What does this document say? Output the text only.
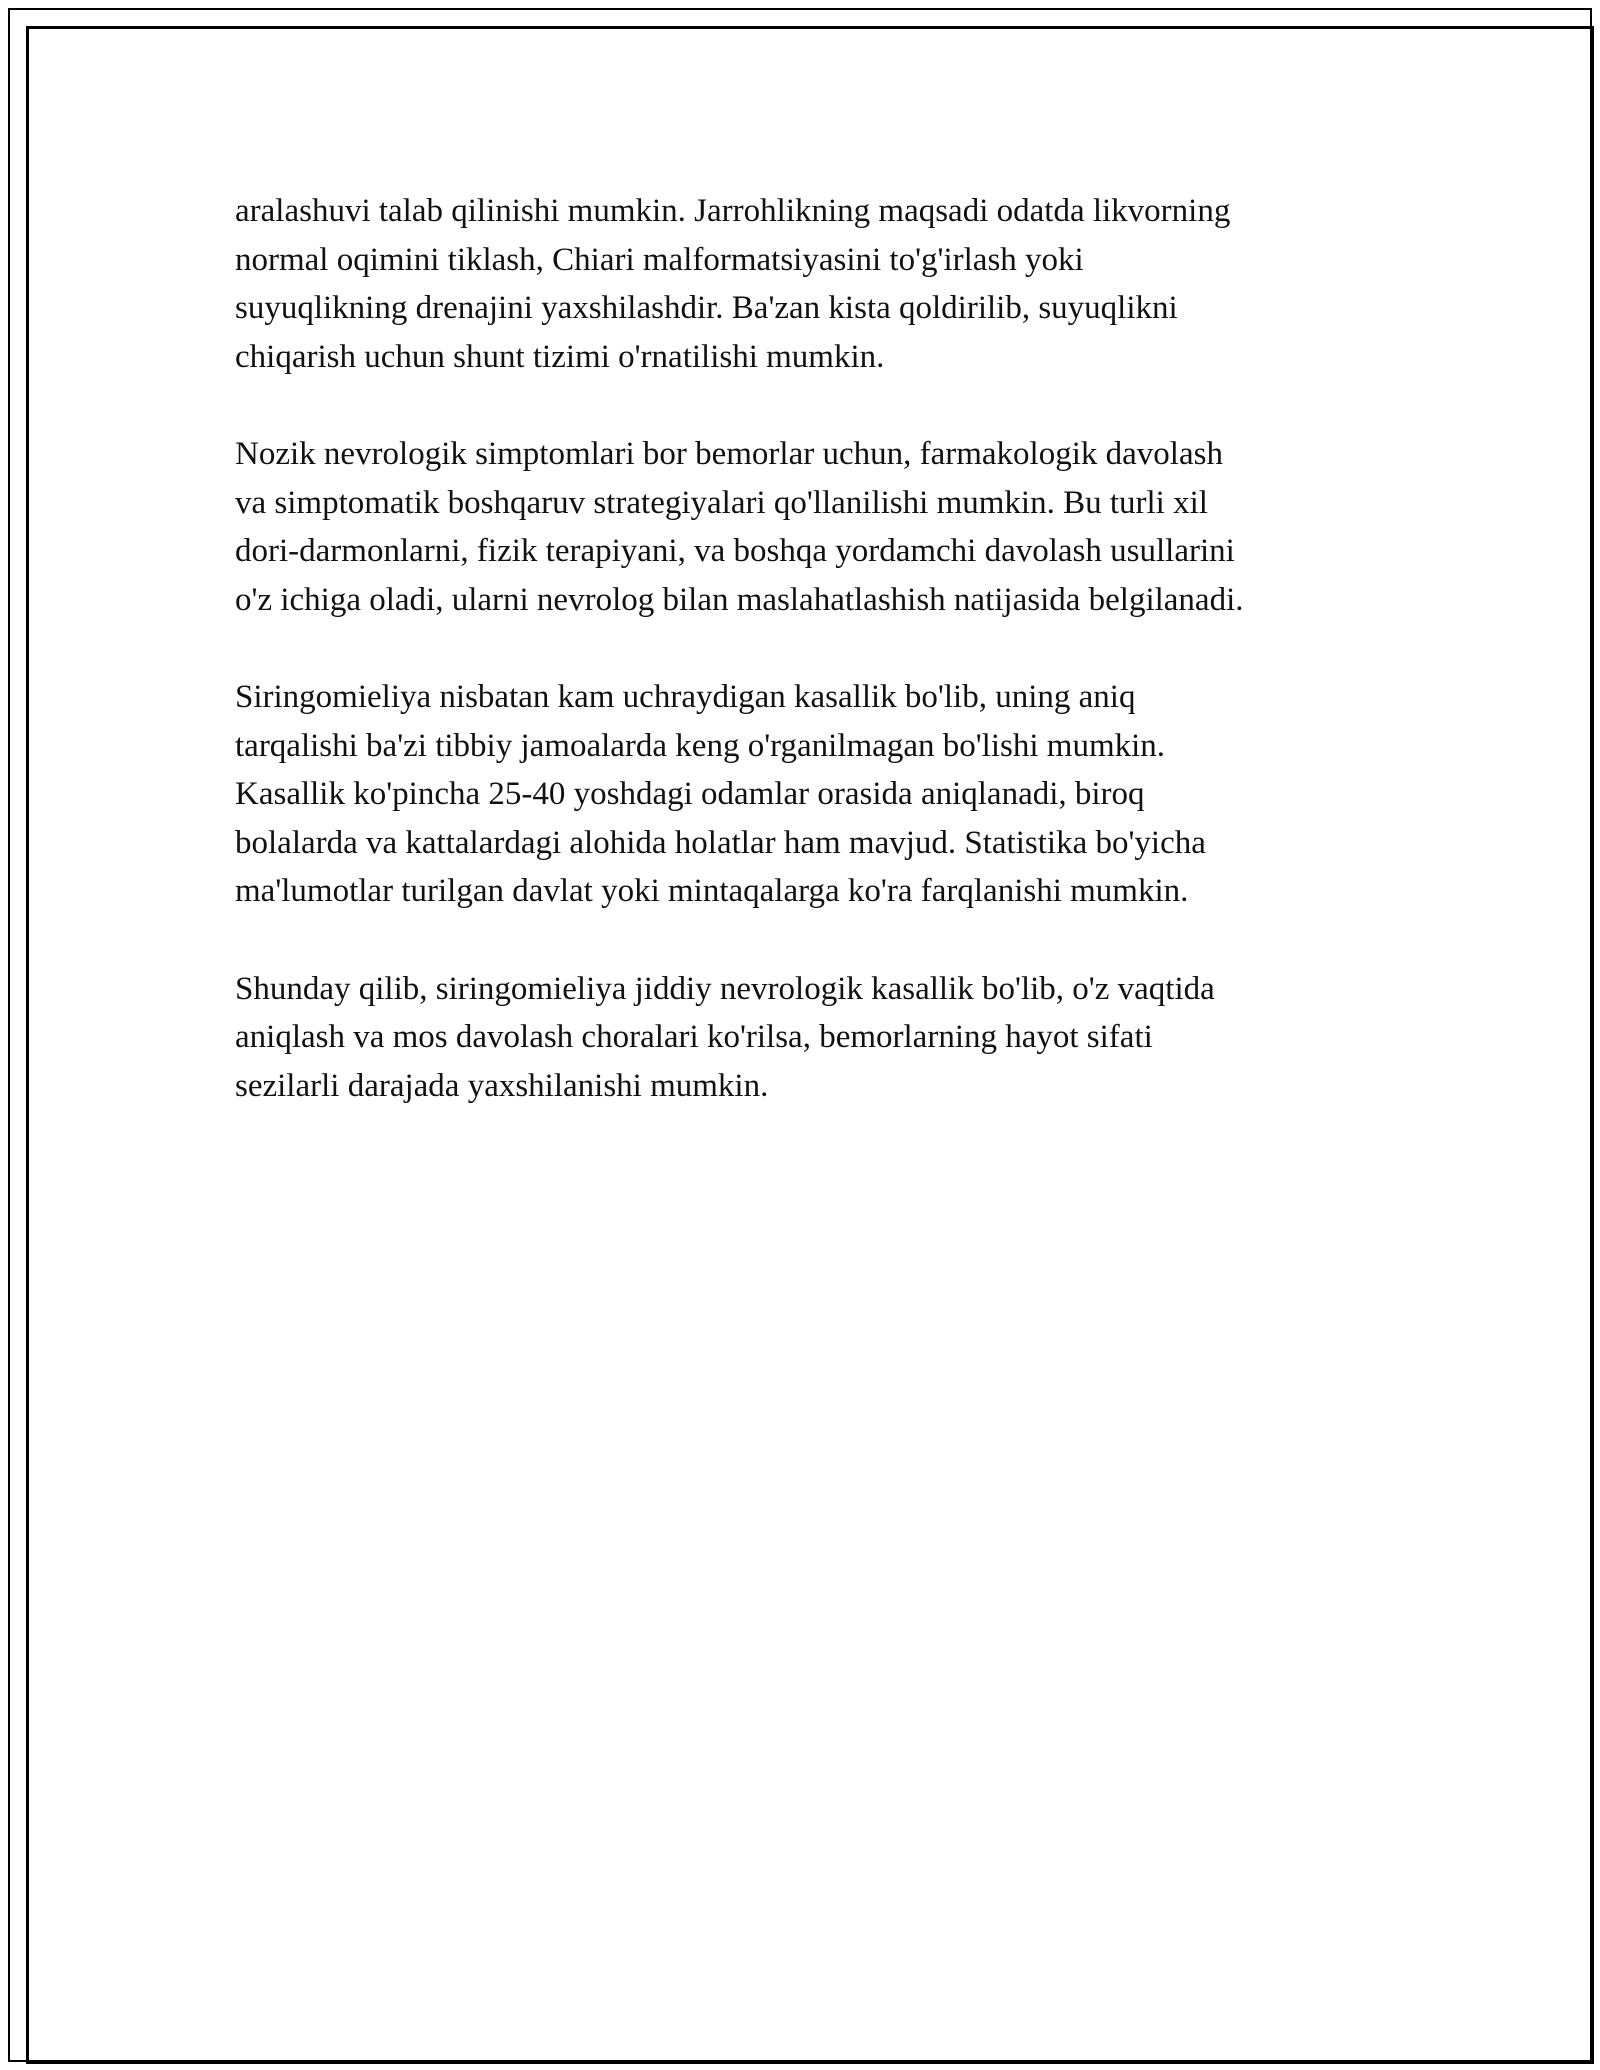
aralashuvi talab qilinishi mumkin. Jarrohlikning maqsadi odatda likvorning
normal oqimini tiklash, Chiari malformatsiyasini to'g'irlash yoki
suyuqlikning drenajini yaxshilashdir. Ba'zan kista qoldirilib, suyuqlikni
chiqarish uchun shunt tizimi o'rnatilishi mumkin.

Nozik nevrologik simptomlari bor bemorlar uchun, farmakologik davolash
va simptomatik boshqaruv strategiyalari qo'llanilishi mumkin. Bu turli xil
dori-darmonlarni, fizik terapiyani, va boshqa yordamchi davolash usullarini
o'z ichiga oladi, ularni nevrolog bilan maslahatlashish natijasida belgilanadi.

Siringomieliya nisbatan kam uchraydigan kasallik bo'lib, uning aniq
tarqalishi ba'zi tibbiy jamoalarda keng o'rganilmagan bo'lishi mumkin.
Kasallik ko'pincha 25-40 yoshdagi odamlar orasida aniqlanadi, biroq
bolalarda va kattalardagi alohida holatlar ham mavjud. Statistika bo'yicha
ma'lumotlar turilgan davlat yoki mintaqalarga ko'ra farqlanishi mumkin.

Shunday qilib, siringomieliya jiddiy nevrologik kasallik bo'lib, o'z vaqtida
aniqlash va mos davolash choralari ko'rilsa, bemorlarning hayot sifati
sezilarli darajada yaxshilanishi mumkin.
